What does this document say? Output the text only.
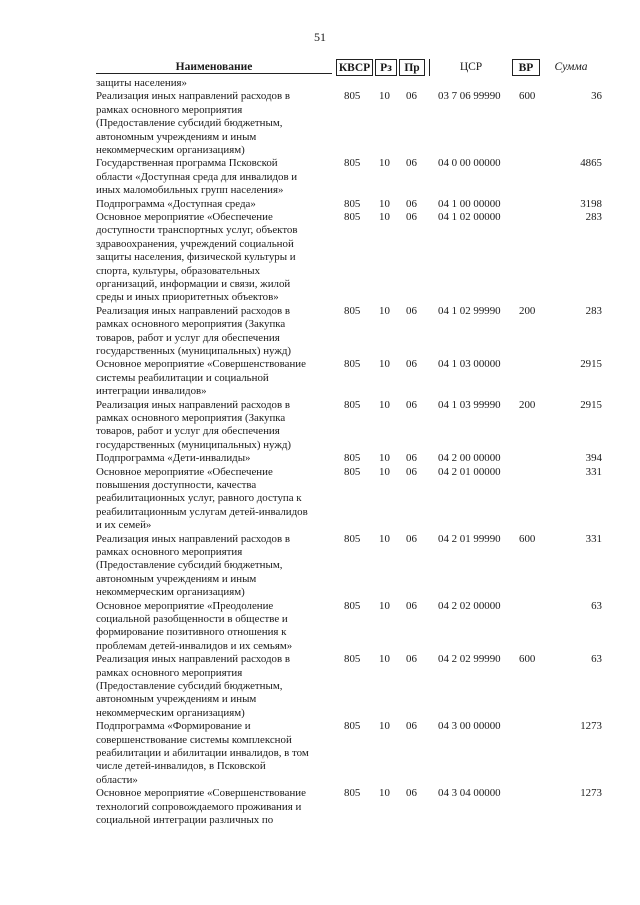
51
Наименование	КВСР Рз	Пр	ЦСР	ВР	Сумма
защиты населения»
Реализация иных направлений расходов в
рамках основного мероприятия
(Предоставление субсидий бюджетным,
автономным учреждениям и иным
некоммерческим организациям)
805 10 06 03 7 06 99990 600	36
Государственная программа Псковской
области «Доступная среда для инвалидов и
иных маломобильных групп населения»
805 10 06 04 0 00 00000	4865
Подпрограмма «Доступная среда»	805 10 06 04 1 00 00000	3198
Основное мероприятие «Обеспечение
доступности транспортных услуг, объектов
здравоохранения, учреждений социальной
защиты населения, физической культуры и
спорта, культуры, образовательных
организаций, информации и связи, жилой
среды и иных приоритетных объектов»
805 10 06 04 1 02 00000	283
Реализация иных направлений расходов в
рамках основного мероприятия (Закупка
товаров, работ и услуг для обеспечения
государственных (муниципальных) нужд)
805 10 06 04 1 02 99990 200	283
Основное мероприятие «Совершенствование
системы реабилитации и социальной
интеграции инвалидов»
805 10 06 04 1 03 00000	2915
Реализация иных направлений расходов в
рамках основного мероприятия (Закупка
товаров, работ и услуг для обеспечения
государственных (муниципальных) нужд)
805 10 06 04 1 03 99990 200	2915
Подпрограмма «Дети-инвалиды»	805 10 06 04 2 00 00000	394
Основное мероприятие «Обеспечение
повышения доступности, качества
реабилитационных услуг, равного доступа к
реабилитационным услугам детей-инвалидов
и их семей»
805 10 06 04 2 01 00000	331
Реализация иных направлений расходов в
рамках основного мероприятия
(Предоставление субсидий бюджетным,
автономным учреждениям и иным
некоммерческим организациям)
805 10 06 04 2 01 99990 600	331
Основное мероприятие «Преодоление
социальной разобщенности в обществе и
формирование позитивного отношения к
проблемам детей-инвалидов и их семьям»
805 10 06 04 2 02 00000	63
Реализация иных направлений расходов в
рамках основного мероприятия
(Предоставление субсидий бюджетным,
автономным учреждениям и иным
некоммерческим организациям)
805 10 06 04 2 02 99990 600	63
Подпрограмма «Формирование и
совершенствование системы комплексной
реабилитации и абилитации инвалидов, в том
числе детей-инвалидов, в Псковской
области»
805 10 06 04 3 00 00000	1273
Основное мероприятие «Совершенствование
технологий сопровождаемого проживания и
социальной интеграции различных по
805 10 06 04 3 04 00000	1273
